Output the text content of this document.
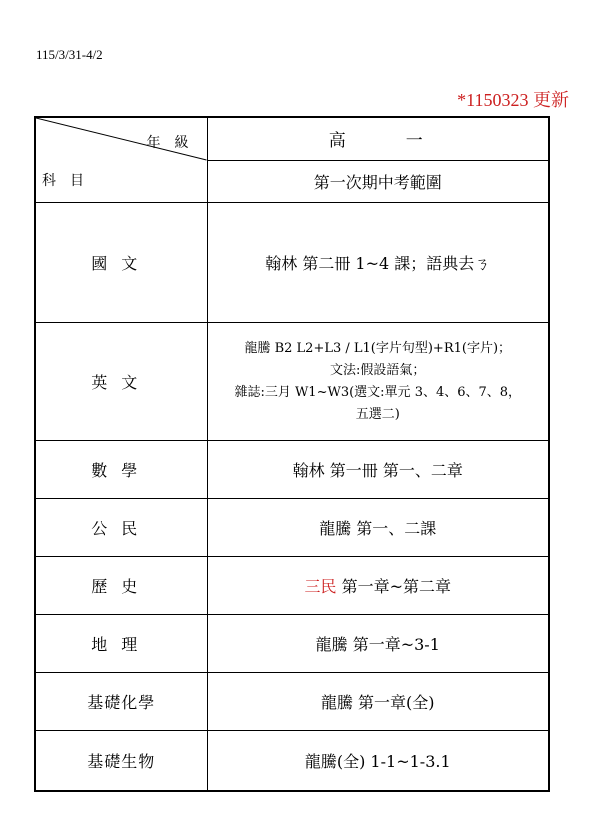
115/3/31-4/2
*1150323 更新
年級
科目	高一
	第一次期中考範圍
國文	翰林 第二冊 1~4 課；語典去ㄋ
英文	龍騰 B2 L2+L3 / L1(字片句型)+R1(字片)；
文法:假設語氣；
雜誌:三月 W1~W3(選文:單元 3、4、6、7、8，
五選二)

數學	翰林 第一冊 第一、二章
公民	龍騰 第一、二課
歷史	三民 第一章~第二章
地理	龍騰 第一章~3-1
基礎化學	龍騰 第一章(全)
基礎生物	龍騰(全) 1-1~1-3.1
